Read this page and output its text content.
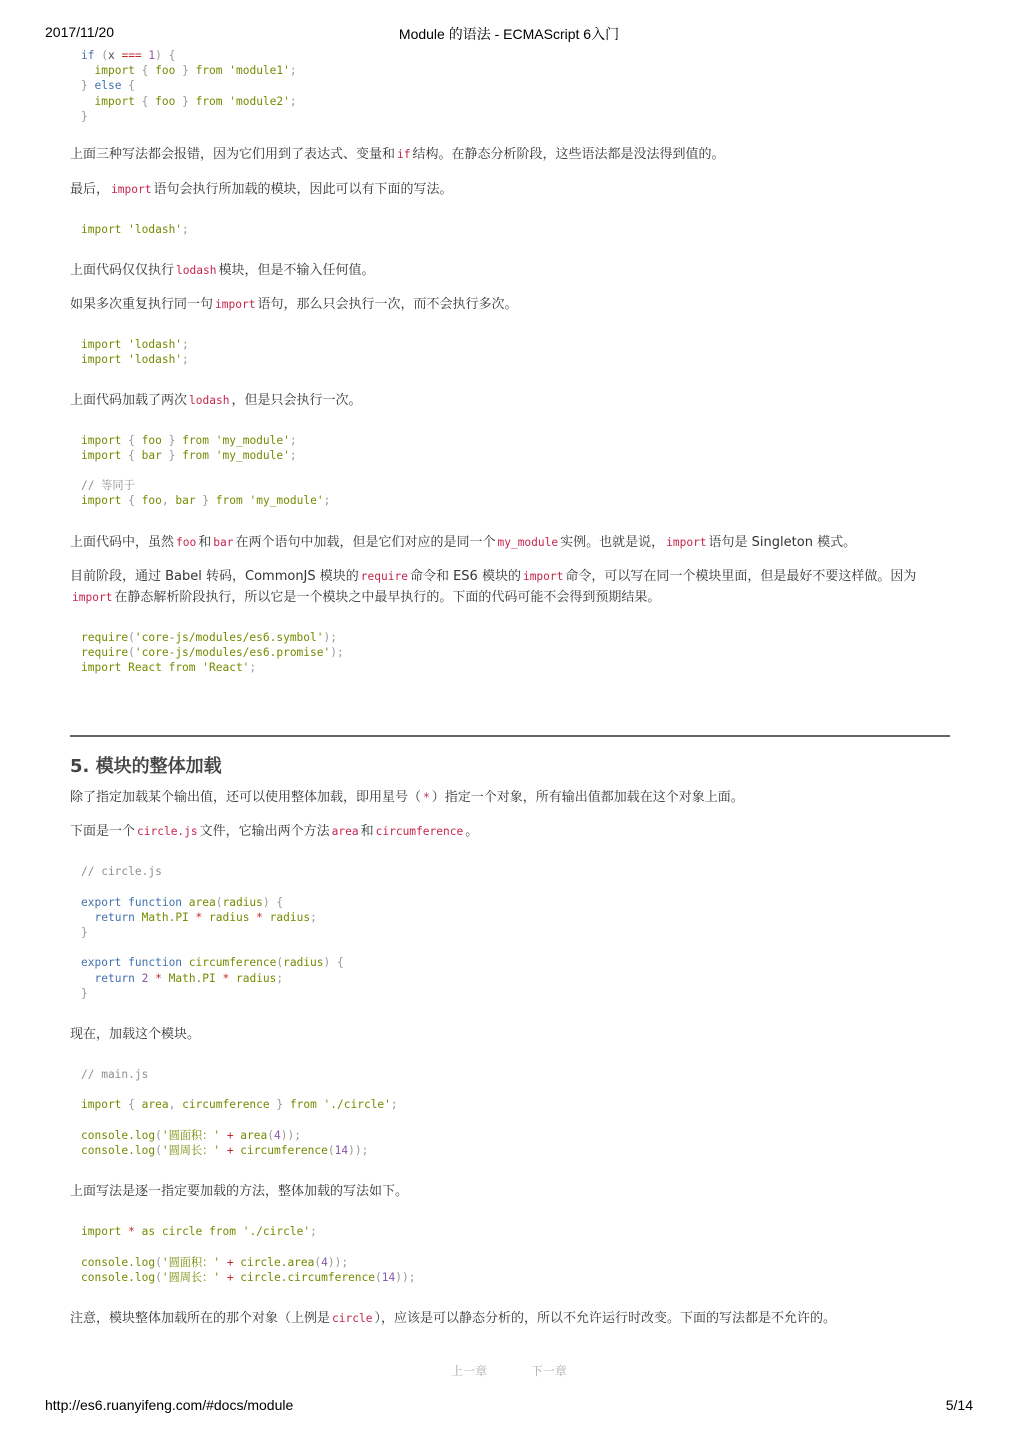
2017/11/20	Module 的语法 - ECMAScript 6入门
if (x === 1) {
import { foo } from 'module1';
} else {
import { foo } from 'module2';
}

上面三种写法都会报错，因为它们用到了表达式、变量和 if 结构。在静态分析阶段，这些语法都是没法得到值的。

最后， import 语句会执行所加载的模块，因此可以有下面的写法。

import 'lodash';

上面代码仅仅执行 lodash 模块，但是不输入任何值。

如果多次重复执行同一句 import 语句，那么只会执行一次，而不会执行多次。

import 'lodash';
import 'lodash';

上面代码加载了两次 lodash ，但是只会执行一次。

import { foo } from 'my_module';
import { bar } from 'my_module';

// 等同于
import { foo, bar } from 'my_module';

上面代码中，虽然 foo 和 bar 在两个语句中加载，但是它们对应的是同一个 my_module 实例。也就是说， import 语句是 Singleton 模式。

目前阶段，通过 Babel 转码，CommonJS 模块的 require 命令和 ES6 模块的 import 命令，可以写在同一个模块里面，但是最好不要这样做。因为
import 在静态解析阶段执行，所以它是一个模块之中最早执行的。下面的代码可能不会得到预期结果。

require('core-js/modules/es6.symbol');
require('core-js/modules/es6.promise');
import React from 'React';
5. 模块的整体加载

除了指定加载某个输出值，还可以使用整体加载，即用星号（ * ）指定一个对象，所有输出值都加载在这个对象上面。

下面是一个 circle.js 文件，它输出两个方法 area 和 circumference 。

// circle.js

export function area(radius) {
return Math.PI * radius * radius;
}

export function circumference(radius) {
return 2 * Math.PI * radius;
}

现在，加载这个模块。

// main.js

import { area, circumference } from './circle';

console.log('圆面积：' + area(4));
console.log('圆周长：' + circumference(14));

上面写法是逐一指定要加载的方法，整体加载的写法如下。

import * as circle from './circle';

console.log('圆面积：' + circle.area(4));
console.log('圆周长：' + circle.circumference(14));

注意，模块整体加载所在的那个对象（上例是 circle ），应该是可以静态分析的，所以不允许运行时改变。下面的写法都是不允许的。

上一章	下一章
http://es6.ruanyifeng.com/#docs/module	5/14
